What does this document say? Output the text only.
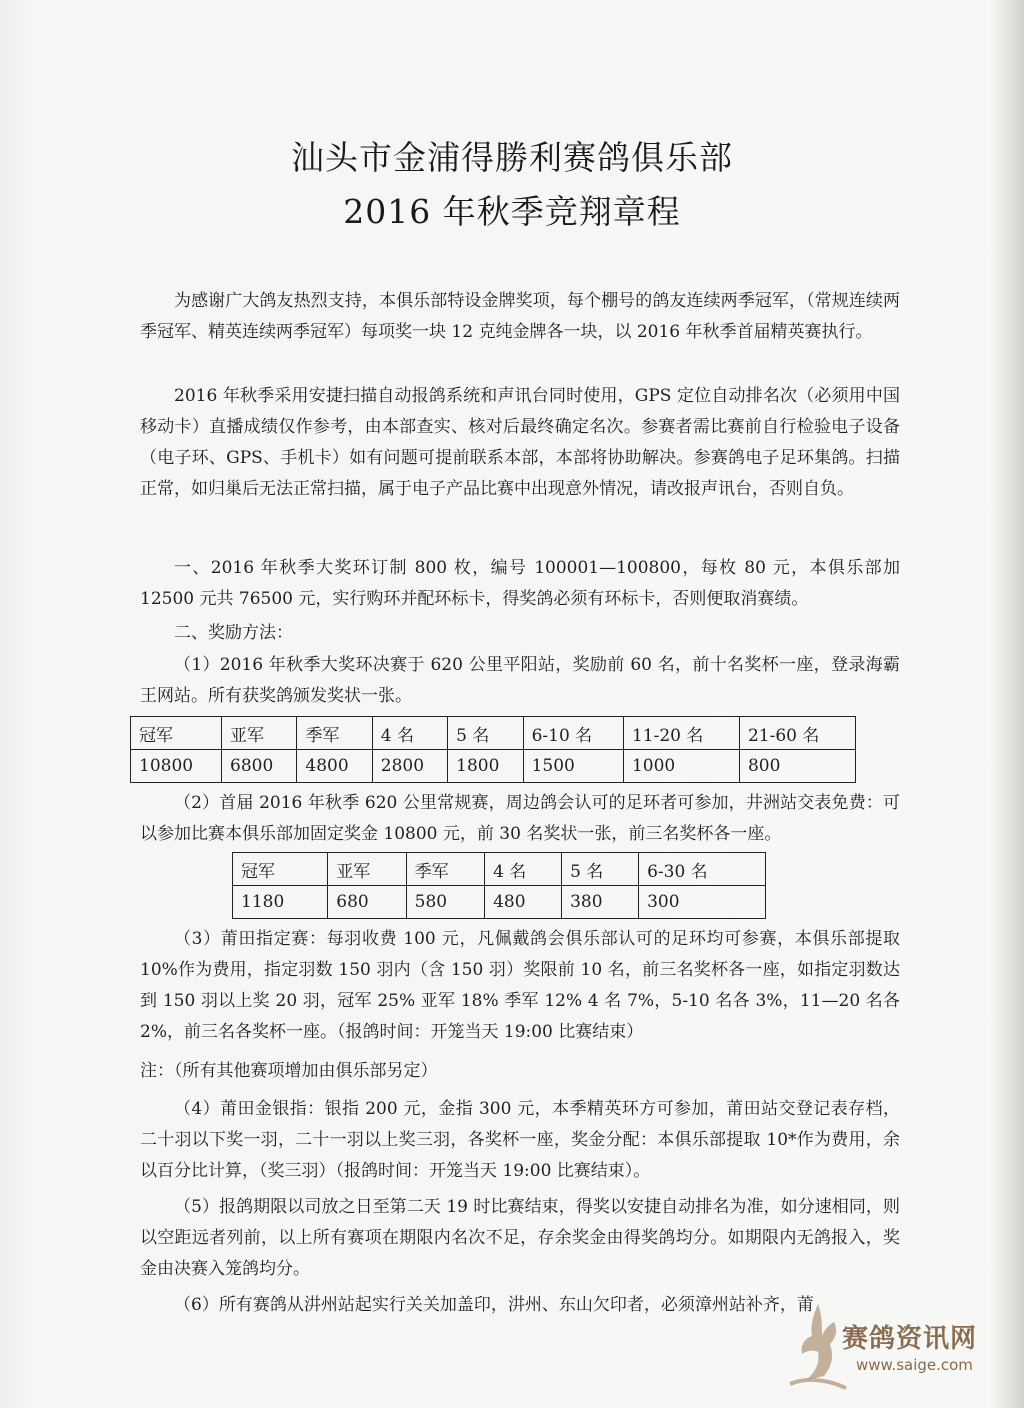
汕头市金浦得勝利赛鸽俱乐部
2016 年秋季竞翔章程

为感谢广大鸽友热烈支持，本俱乐部特设金牌奖项，每个棚号的鸽友连续两季冠军，（常规连续两季冠军、精英连续两季冠军）每项奖一块 12 克纯金牌各一块，以 2016 年秋季首届精英赛执行。

2016 年秋季采用安捷扫描自动报鸽系统和声讯台同时使用，GPS 定位自动排名次（必须用中国移动卡）直播成绩仅作参考，由本部查实、核对后最终确定名次。参赛者需比赛前自行检验电子设备（电子环、GPS、手机卡）如有问题可提前联系本部，本部将协助解决。参赛鸽电子足环集鸽。扫描正常，如归巢后无法正常扫描，属于电子产品比赛中出现意外情况，请改报声讯台，否则自负。

一、2016 年秋季大奖环订制 800 枚，编号 100001—100800，每枚 80 元，本俱乐部加 12500 元共 76500 元，实行购环并配环标卡，得奖鸽必须有环标卡，否则便取消赛绩。

二、奖励方法：

（1）2016 年秋季大奖环决赛于 620 公里平阳站，奖励前 60 名，前十名奖杯一座，登录海霸王网站。所有获奖鸽颁发奖状一张。

冠军	亚军	季军	4 名	5 名	6-10 名	11-20 名	21-60 名
10800	6800	4800	2800	1800	1500	1000	800

（2）首届 2016 年秋季 620 公里常规赛，周边鸽会认可的足环者可参加，井洲站交表免费：可以参加比赛本俱乐部加固定奖金 10800 元，前 30 名奖状一张，前三名奖杯各一座。

冠军	亚军	季军	4 名	5 名	6-30 名
1180	680	580	480	380	300

（3）莆田指定赛：每羽收费 100 元，凡佩戴鸽会俱乐部认可的足环均可参赛，本俱乐部提取 10%作为费用，指定羽数 150 羽内（含 150 羽）奖限前 10 名，前三名奖杯各一座，如指定羽数达到 150 羽以上奖 20 羽，冠军 25% 亚军 18% 季军 12% 4 名 7%，5-10 名各 3%，11—20 名各 2%，前三名各奖杯一座。（报鸽时间：开笼当天 19:00 比赛结束）

注：（所有其他赛项增加由俱乐部另定）

（4）莆田金银指：银指 200 元，金指 300 元，本季精英环方可参加，莆田站交登记表存档，二十羽以下奖一羽，二十一羽以上奖三羽，各奖杯一座，奖金分配：本俱乐部提取 10*作为费用，余以百分比计算，（奖三羽）（报鸽时间：开笼当天 19:00 比赛结束）。

（5）报鸽期限以司放之日至第二天 19 时比赛结束，得奖以安捷自动排名为准，如分速相同，则以空距远者列前，以上所有赛项在期限内名次不足，存余奖金由得奖鸽均分。如期限内无鸽报入，奖金由决赛入笼鸽均分。

（6）所有赛鸽从汫州站起实行关关加盖印，汫州、东山欠印者，必须漳州站补齐，莆

赛鸽资讯网
www.saige.com
